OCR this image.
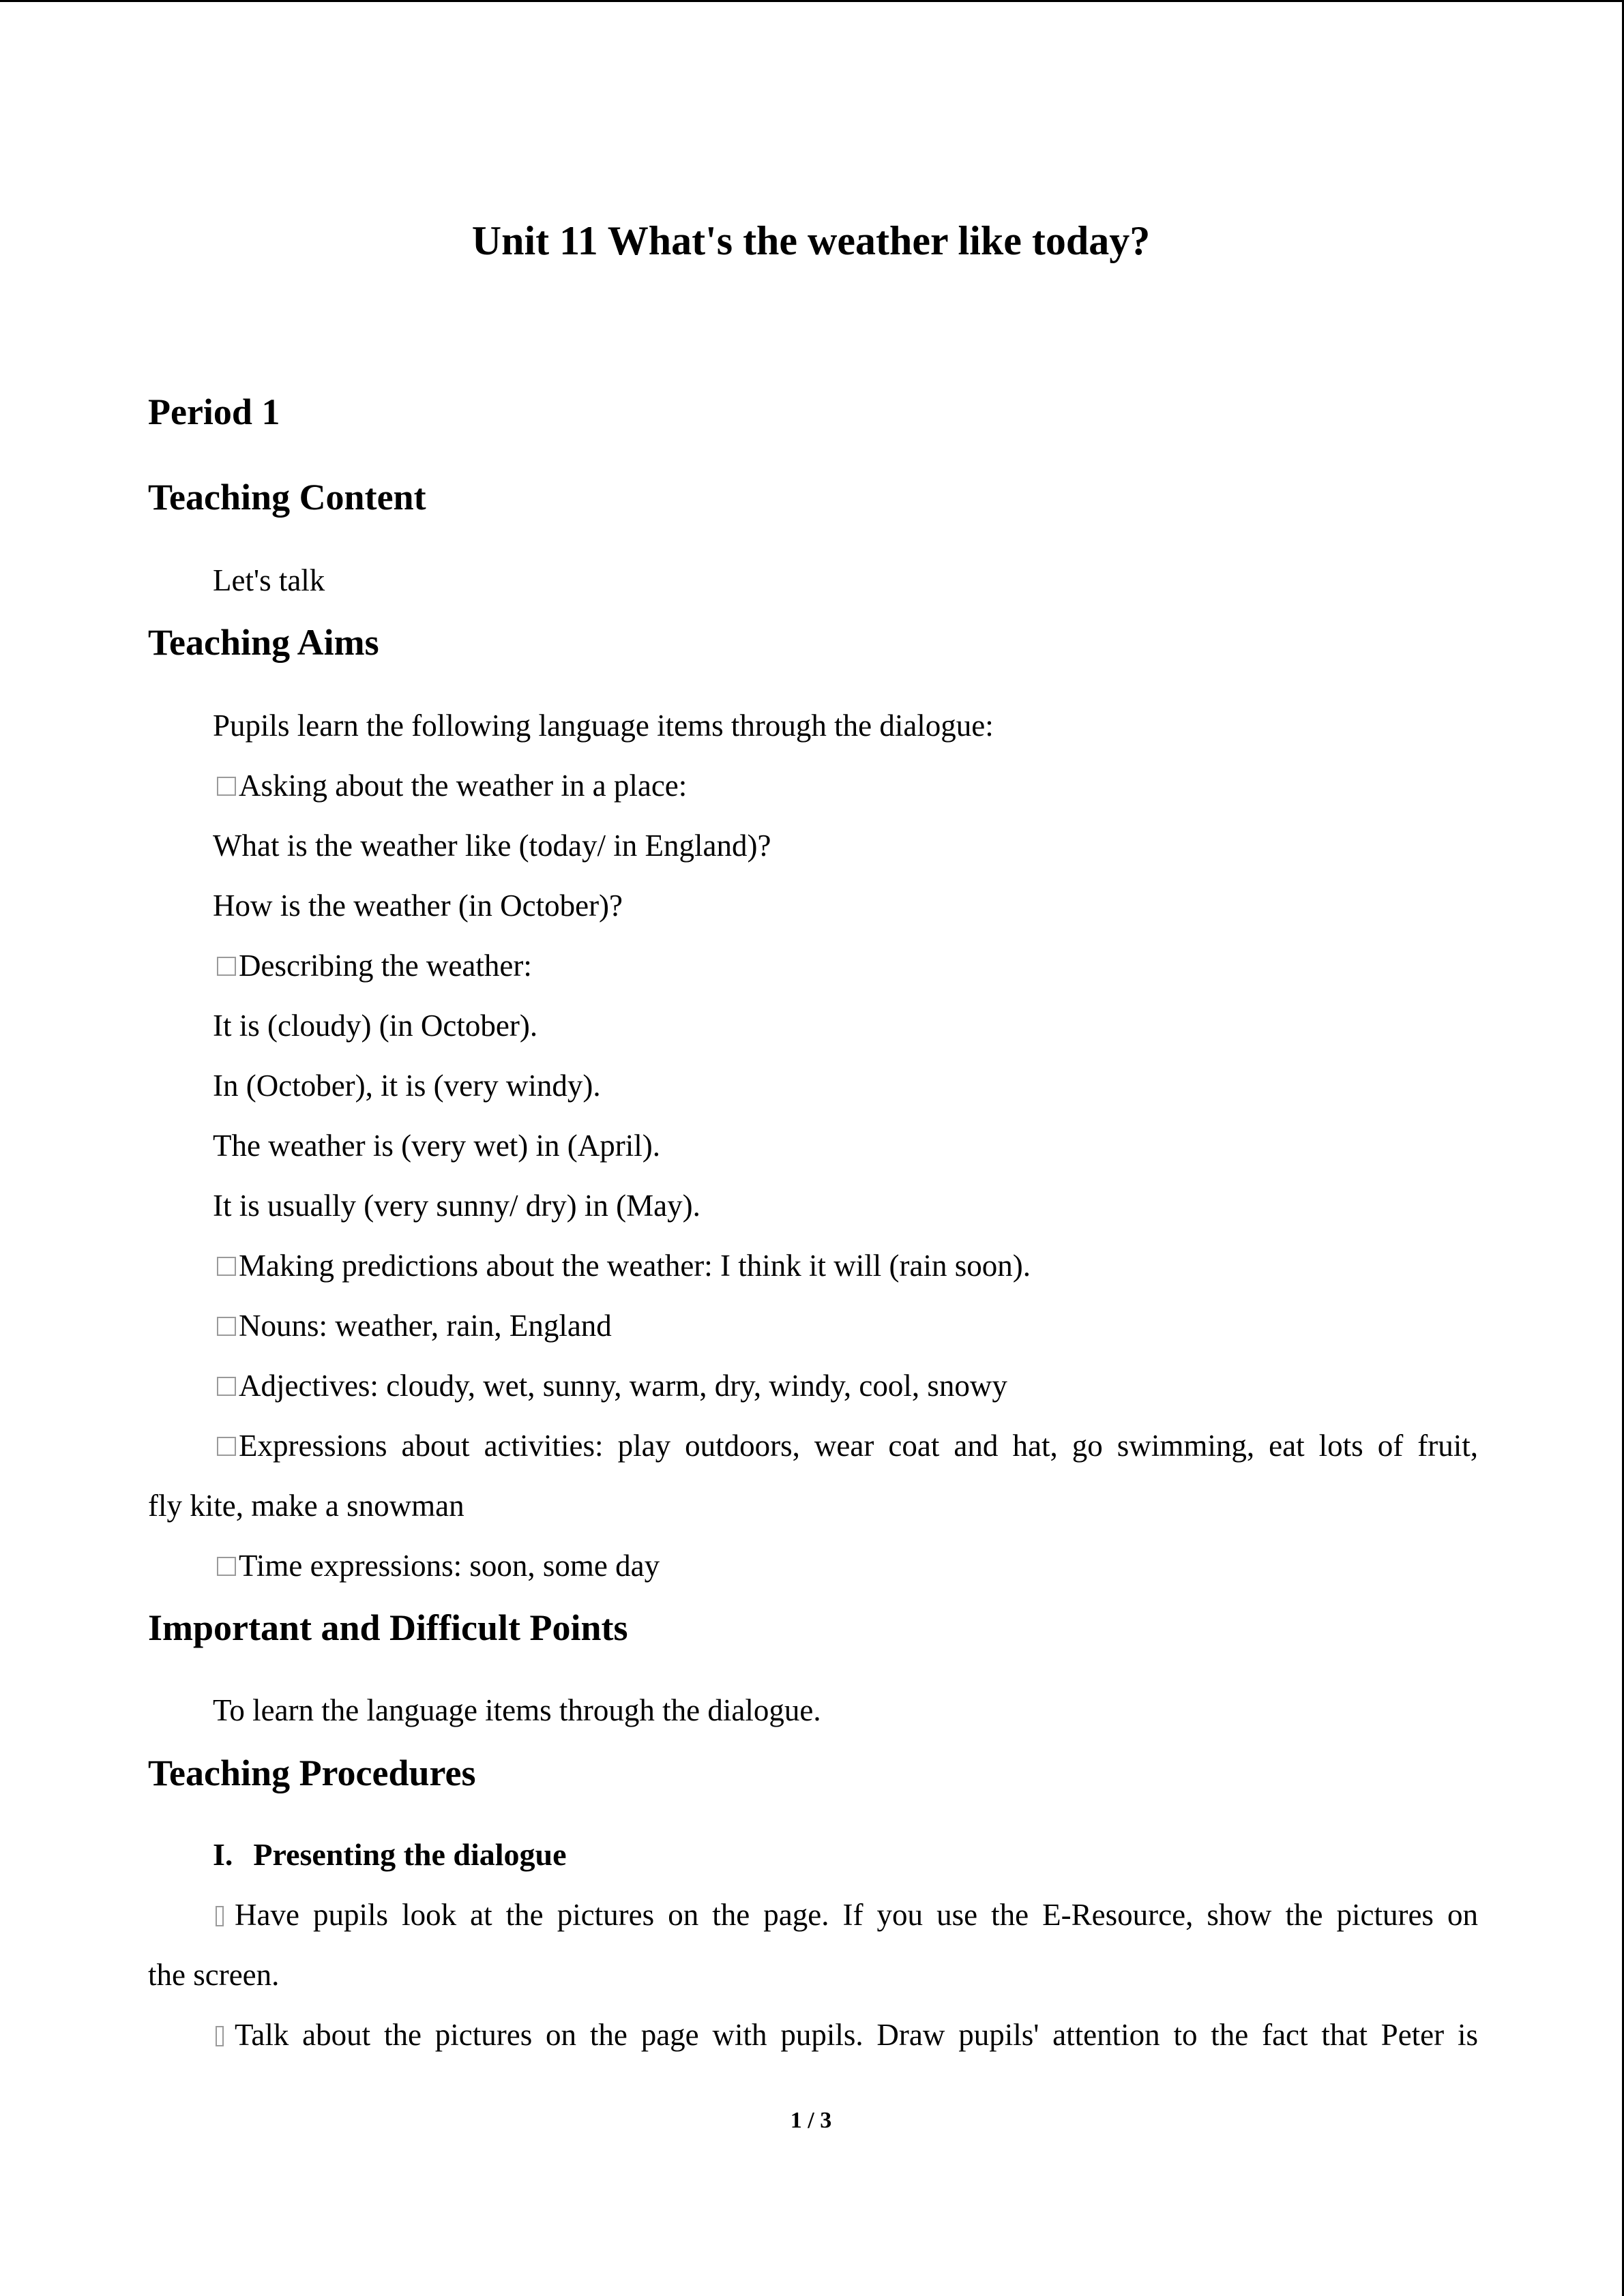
Unit 11 What's the weather like today?
Period 1
Teaching Content

Let's talk

Teaching Aims

Pupils learn the following language items through the dialogue:

Asking about the weather in a place:

What is the weather like (today/ in England)?

How is the weather (in October)?

Describing the weather:

It is (cloudy) (in October).

In (October), it is (very windy).

The weather is (very wet) in (April).

It is usually (very sunny/ dry) in (May).

Making predictions about the weather: I think it will (rain soon).

Nouns: weather, rain, England

Adjectives: cloudy, wet, sunny, warm, dry, windy, cool, snowy

Expressions about activities: play outdoors, wear coat and hat, go swimming, eat lots of fruit,

fly kite, make a snowman

Time expressions: soon, some day

Important and Difficult Points

To learn the language items through the dialogue.

Teaching Procedures

I. Presenting the dialogue

Have pupils look at the pictures on the page. If you use the E-Resource, show the pictures on

the screen.

Talk about the pictures on the page with pupils. Draw pupils' attention to the fact that Peter is

1 / 3
